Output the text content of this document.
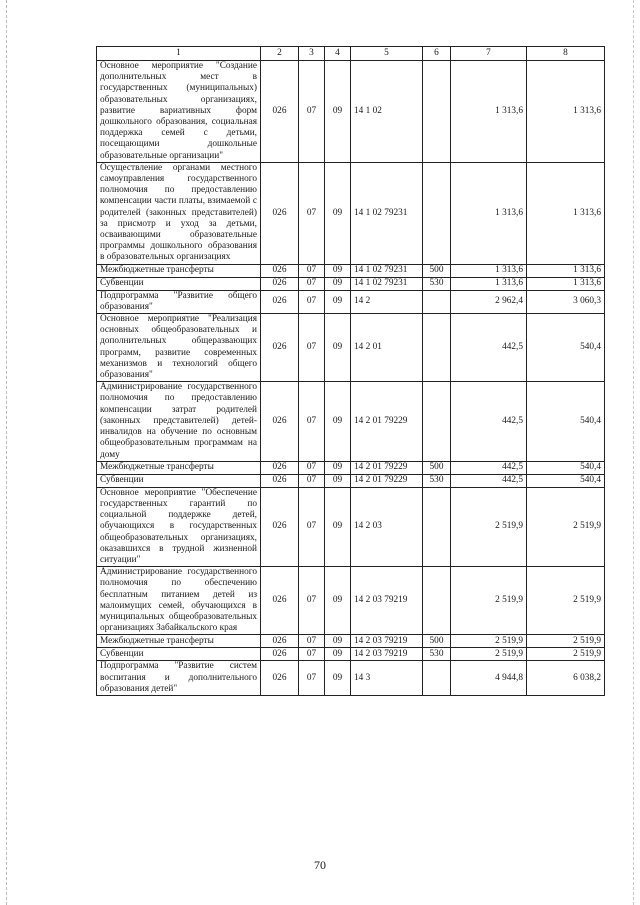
1	2	3	4	5	6	7	8
Основное мероприятие "Создание дополнительных мест в государственных (муниципальных) образовательных организациях, развитие вариативных форм дошкольного образования, социальная поддержка семей с детьми, посещающими дошкольные образовательные организации"	026	07	09	14 1 02		1 313,6	1 313,6
Осуществление органами местного самоуправления государственного полномочия по предоставлению компенсации части платы, взимаемой с родителей (законных представителей) за присмотр и уход за детьми, осваивающими образовательные программы дошкольного образования в образовательных организациях	026	07	09	14 1 02 79231		1 313,6	1 313,6
Межбюджетные трансферты	026	07	09	14 1 02 79231	500	1 313,6	1 313,6
Субвенции	026	07	09	14 1 02 79231	530	1 313,6	1 313,6
Подпрограмма "Развитие общего образования"	026	07	09	14 2		2 962,4	3 060,3
Основное мероприятие "Реализация основных общеобразовательных и дополнительных общеразвающих программ, развитие современных механизмов и технологий общего образования"	026	07	09	14 2 01		442,5	540,4
Администрирование государственного полномочия по предоставлению компенсации затрат родителей (законных представителей) детей-инвалидов на обучение по основным общеобразовательным программам на дому	026	07	09	14 2 01 79229		442,5	540,4
Межбюджетные трансферты	026	07	09	14 2 01 79229	500	442,5	540,4
Субвенции	026	07	09	14 2 01 79229	530	442,5	540,4
Основное мероприятие "Обеспечение государственных гарантий по социальной поддержке детей, обучающихся в государственных общеобразовательных организациях, оказавшихся в трудной жизненной ситуации"	026	07	09	14 2 03		2 519,9	2 519,9
Администрирование государственного полномочия по обеспечению бесплатным питанием детей из малоимущих семей, обучающихся в муниципальных общеобразовательных организациях Забайкальского края	026	07	09	14 2 03 79219		2 519,9	2 519,9
Межбюджетные трансферты	026	07	09	14 2 03 79219	500	2 519,9	2 519,9
Субвенции	026	07	09	14 2 03 79219	530	2 519,9	2 519,9
Подпрограмма "Развитие систем воспитания и дополнительного образования детей"	026	07	09	14 3		4 944,8	6 038,2
70
